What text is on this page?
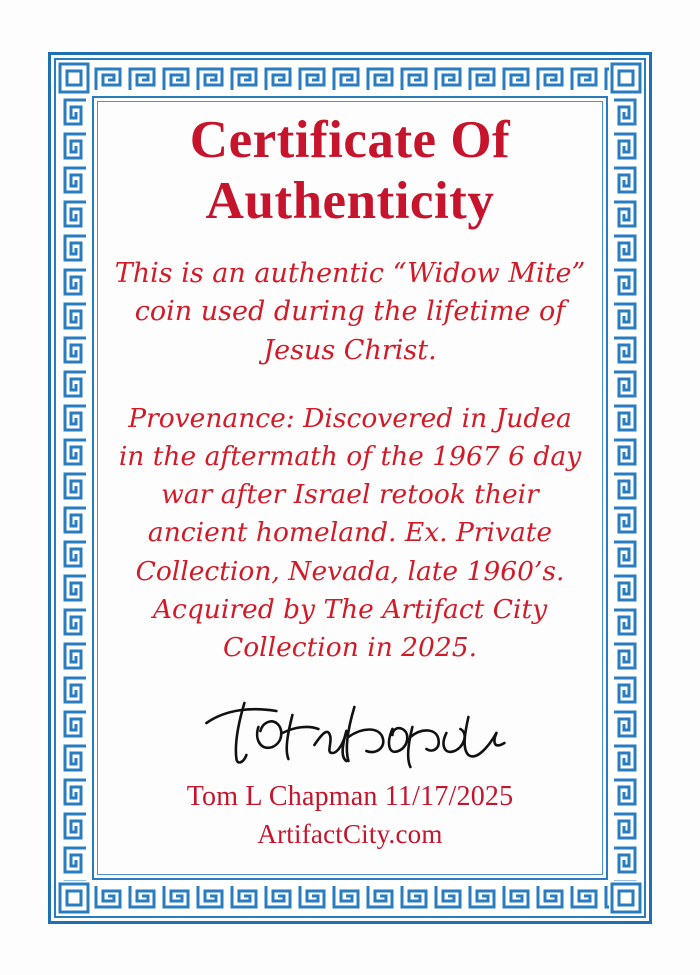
Certificate Of
Authenticity

This is an authentic “Widow Mite” coin used during the lifetime of Jesus Christ.

Provenance: Discovered in Judea in the aftermath of the 1967 6 day war after Israel retook their ancient homeland. Ex. Private Collection, Nevada, late 1960’s. Acquired by The Artifact City Collection in 2025.

Tom L Chapman 11/17/2025
ArtifactCity.com
